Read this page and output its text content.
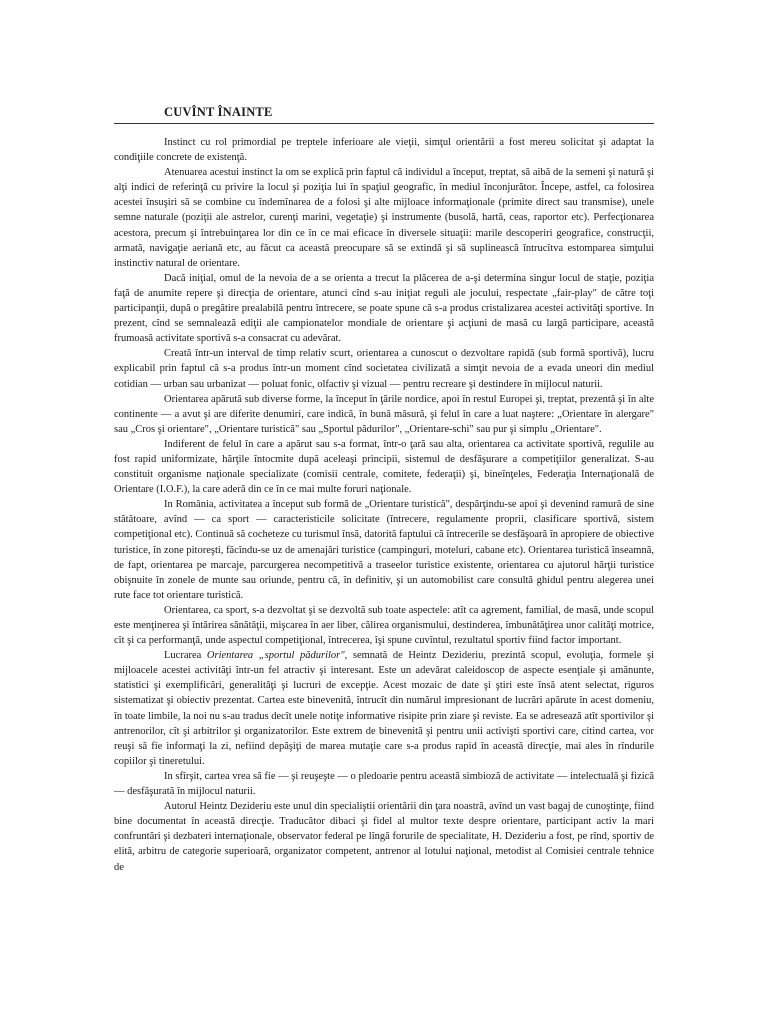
CUVÎNT ÎNAINTE

Instinct cu rol primordial pe treptele inferioare ale vieţii, simţul orientării a fost mereu solicitat şi adaptat la condiţiile concrete de existenţă.

Atenuarea acestui instinct la om se explică prin faptul că individul a început, treptat, să aibă de la semeni şi natură şi alţi indici de referinţă cu privire la locul şi poziţia lui în spaţiul geografic, în mediul înconjurător. Începe, astfel, ca folosirea acestei însuşiri să se combine cu îndemînarea de a folosi şi alte mijloace informaţionale (primite direct sau transmise), unele semne naturale (poziţii ale astrelor, curenţi marini, vegetaţie) şi instrumente (busolă, hartă, ceas, raportor etc). Perfecţionarea acestora, precum şi întrebuinţarea lor din ce în ce mai eficace în diversele situaţii: marile descoperiri geografice, construcţii, armată, navigaţie aeriană etc, au făcut ca această preocupare să se extindă şi să suplinească întrucîtva estomparea simţului instinctiv natural de orientare.

Dacă iniţial, omul de la nevoia de a se orienta a trecut la plăcerea de a-şi determina singur locul de staţie, poziţia faţă de anumite repere şi direcţia de orientare, atunci cînd s-au iniţiat reguli ale jocului, respectate „fair-play" de către toţi participanţii, după o pregătire prealabilă pentru întrecere, se poate spune că s-a produs cristalizarea acestei activităţi sportive. In prezent, cînd se semnalează ediţii ale campionatelor mondiale de orientare şi acţiuni de masă cu largă participare, această frumoasă activitate sportivă s-a consacrat cu adevărat.

Creată într-un interval de timp relativ scurt, orientarea a cunoscut o dezvoltare rapidă (sub formă sportivă), lucru explicabil prin faptul că s-a produs într-un moment cînd societatea civilizată a simţit nevoia de a evada uneori din mediul cotidian — urban sau urbanizat — poluat fonic, olfactiv şi vizual — pentru recreare şi destindere în mijlocul naturii.

Orientarea apărută sub diverse forme, la început în ţările nordice, apoi în restul Europei şi, treptat, prezentă şi în alte continente — a avut şi are diferite denumiri, care indică, în bună măsură, şi felul în care a luat naştere: „Orientare în alergare" sau „Cros şi orientare", „Orientare turistică" sau „Sportul pădurilor", „Orientare-schi" sau pur şi simplu „Orientare".

Indiferent de felul în care a apărut sau s-a format, într-o ţară sau alta, orientarea ca activitate sportivă, regulile au fost rapid uniformizate, hărţile întocmite după aceleaşi principii, sistemul de desfăşurare a competiţiilor generalizat. S-au constituit organisme naţionale specializate (comisii centrale, comitete, federaţii) şi, bineînţeles, Federaţia Internaţională de Orientare (I.O.F.), la care aderă din ce în ce mai multe foruri naţionale.

In România, activitatea a început sub formă de „Orientare turistică", despărţindu-se apoi şi devenind ramură de sine stătătoare, avînd — ca sport — caracteristicile solicitate (întrecere, regulamente proprii, clasificare sportivă, sistem competiţional etc). Continuă să cocheteze cu turismul însă, datorită faptului că întrecerile se desfăşoară în apropiere de obiective turistice, în zone pitoreşti, făcîndu-se uz de amenajări turistice (campinguri, moteluri, cabane etc). Orientarea turistică înseamnă, de fapt, orientarea pe marcaje, parcurgerea necompetitivă a traseelor turistice existente, orientarea cu ajutorul hărţii turistice obişnuite în zonele de munte sau oriunde, pentru că, în definitiv, şi un automobilist care consultă ghidul pentru alegerea unei rute face tot orientare turistică.

Orientarea, ca sport, s-a dezvoltat şi se dezvoltă sub toate aspectele: atît ca agrement, familial, de masă, unde scopul este menţinerea şi întărirea sănătăţii, mişcarea în aer liber, călirea organismului, destinderea, îmbunătăţirea unor calităţi motrice, cît şi ca performanţă, unde aspectul competiţional, întrecerea, îşi spune cuvîntul, rezultatul sportiv fiind factor important.

Lucrarea Orientarea „sportul pădurilor", semnată de Heintz Dezideriu, prezintă scopul, evoluţia, formele şi mijloacele acestei activităţi într-un fel atractiv şi interesant. Este un adevărat caleidoscop de aspecte esenţiale şi amănunte, statistici şi exemplificări, generalităţi şi lucruri de excepţie. Acest mozaic de date şi ştiri este însă atent selectat, riguros sistematizat şi obiectiv prezentat. Cartea este binevenită, întrucît din numărul impresionant de lucrări apărute în acest domeniu, în toate limbile, la noi nu s-au tradus decît unele notiţe informative risipite prin ziare şi reviste. Ea se adresează atît sportivilor şi antrenorilor, cît şi arbitrilor şi organizatorilor. Este extrem de binevenită şi pentru unii activişti sportivi care, citind cartea, vor reuşi să fie informaţi la zi, nefiind depăşiţi de marea mutaţie care s-a produs rapid în această direcţie, mai ales în rîndurile copiilor şi tineretului.

In sfîrşit, cartea vrea să fie — şi reuşeşte — o pledoarie pentru această simbioză de activitate — intelectuală şi fizică — desfăşurată în mijlocul naturii.

Autorul Heintz Dezideriu este unul din specialiştii orientării din ţara noastră, avînd un vast bagaj de cunoştinţe, fiind bine documentat în această direcţie. Traducător dibaci şi fidel al multor texte despre orientare, participant activ la mari confruntări şi dezbateri internaţionale, observator federal pe lîngă forurile de specialitate, H. Dezideriu a fost, pe rînd, sportiv de elită, arbitru de categorie superioară, organizator competent, antrenor al lotului naţional, metodist al Comisiei centrale tehnice de
